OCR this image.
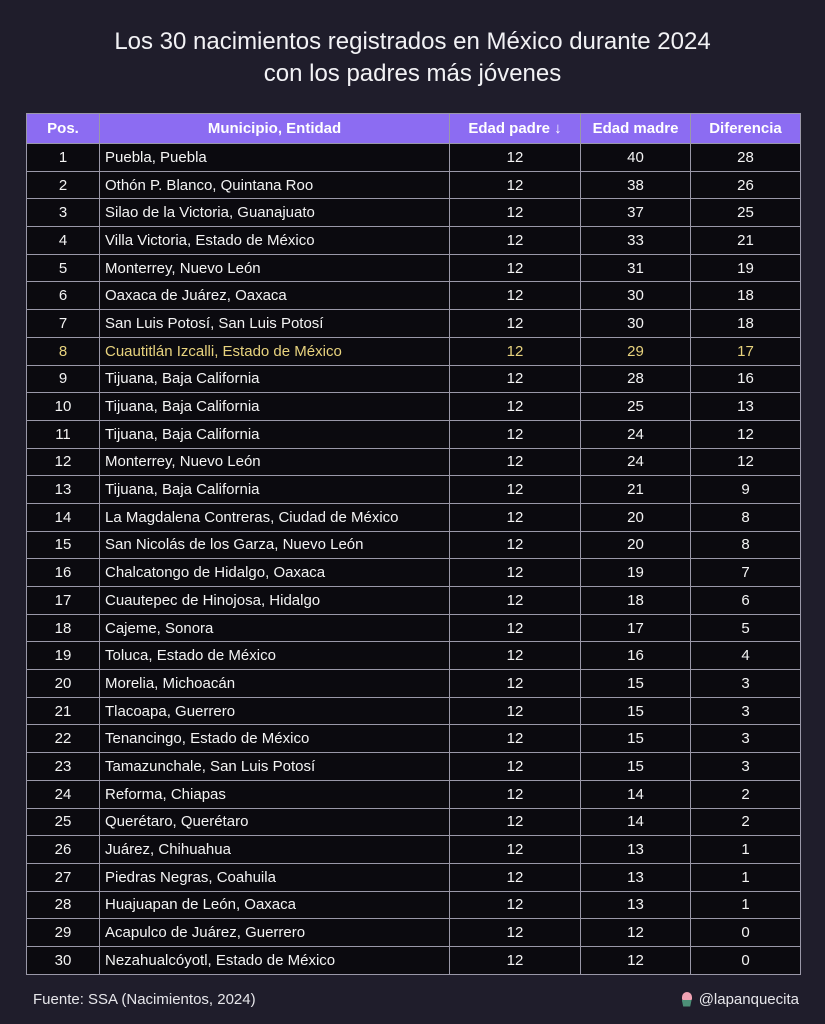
Los 30 nacimientos registrados en México durante 2024
con los padres más jóvenes
Pos.	Municipio, Entidad	Edad padre ↓	Edad madre	Diferencia
1	Puebla, Puebla	12	40	28
2	Othón P. Blanco, Quintana Roo	12	38	26
3	Silao de la Victoria, Guanajuato	12	37	25
4	Villa Victoria, Estado de México	12	33	21
5	Monterrey, Nuevo León	12	31	19
6	Oaxaca de Juárez, Oaxaca	12	30	18
7	San Luis Potosí, San Luis Potosí	12	30	18
8	Cuautitlán Izcalli, Estado de México	12	29	17
9	Tijuana, Baja California	12	28	16
10	Tijuana, Baja California	12	25	13
11	Tijuana, Baja California	12	24	12
12	Monterrey, Nuevo León	12	24	12
13	Tijuana, Baja California	12	21	9
14	La Magdalena Contreras, Ciudad de México	12	20	8
15	San Nicolás de los Garza, Nuevo León	12	20	8
16	Chalcatongo de Hidalgo, Oaxaca	12	19	7
17	Cuautepec de Hinojosa, Hidalgo	12	18	6
18	Cajeme, Sonora	12	17	5
19	Toluca, Estado de México	12	16	4
20	Morelia, Michoacán	12	15	3
21	Tlacoapa, Guerrero	12	15	3
22	Tenancingo, Estado de México	12	15	3
23	Tamazunchale, San Luis Potosí	12	15	3
24	Reforma, Chiapas	12	14	2
25	Querétaro, Querétaro	12	14	2
26	Juárez, Chihuahua	12	13	1
27	Piedras Negras, Coahuila	12	13	1
28	Huajuapan de León, Oaxaca	12	13	1
29	Acapulco de Juárez, Guerrero	12	12	0
30	Nezahualcóyotl, Estado de México	12	12	0
Fuente: SSA (Nacimientos, 2024)	@lapanquecita
